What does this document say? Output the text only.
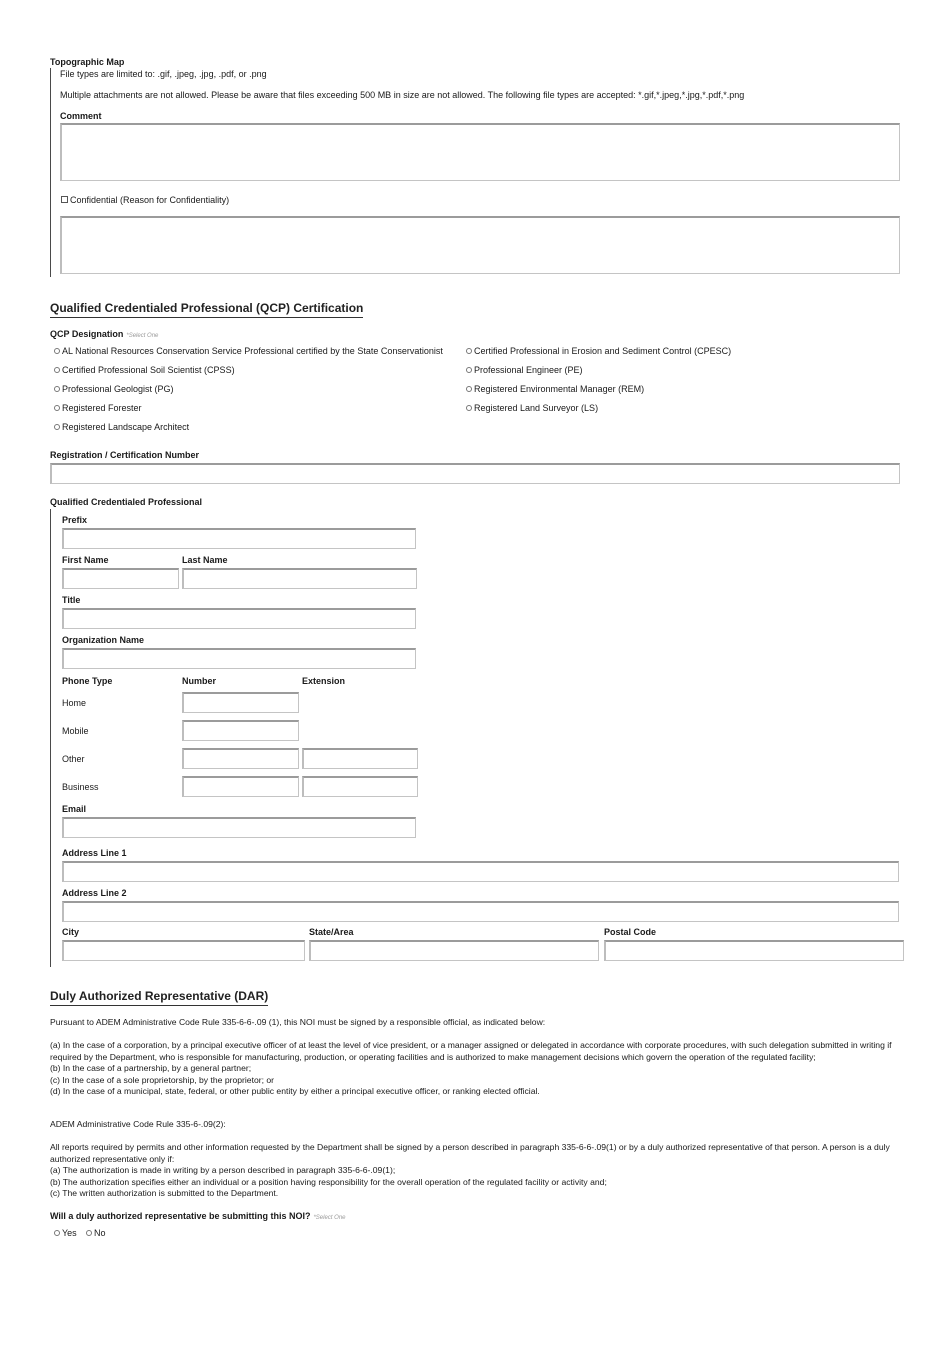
Topographic Map
File types are limited to: .gif, .jpeg, .jpg, .pdf, or .png
Multiple attachments are not allowed. Please be aware that files exceeding 500 MB in size are not allowed. The following file types are accepted: *.gif,*.jpeg,*.jpg,*.pdf,*.png
Comment
Confidential (Reason for Confidentiality)
Qualified Credentialed Professional (QCP) Certification
QCP Designation *Select One
AL National Resources Conservation Service Professional certified by the State Conservationist	Certified Professional in Erosion and Sediment Control (CPESC)
Certified Professional Soil Scientist (CPSS)	Professional Engineer (PE)
Professional Geologist (PG)	Registered Environmental Manager (REM)
Registered Forester	Registered Land Surveyor (LS)
Registered Landscape Architect
Registration / Certification Number
Qualified Credentialed Professional
Prefix
First Name	Last Name
Title
Organization Name
Phone Type	Number	Extension
Home
Mobile
Other
Business
Email
Address Line 1
Address Line 2
City	State/Area	Postal Code
Duly Authorized Representative (DAR)
Pursuant to ADEM Administrative Code Rule 335-6-6-.09 (1), this NOI must be signed by a responsible official, as indicated below:
(a) In the case of a corporation, by a principal executive officer of at least the level of vice president, or a manager assigned or delegated in accordance with corporate procedures, with such delegation submitted in writing if required by the Department, who is responsible for manufacturing, production, or operating facilities and is authorized to make management decisions which govern the operation of the regulated facility;
(b) In the case of a partnership, by a general partner;
(c) In the case of a sole proprietorship, by the proprietor; or
(d) In the case of a municipal, state, federal, or other public entity by either a principal executive officer, or ranking elected official.
ADEM Administrative Code Rule 335-6-.09(2):
All reports required by permits and other information requested by the Department shall be signed by a person described in paragraph 335-6-6-.09(1) or by a duly authorized representative of that person. A person is a duly authorized representative only if:
(a) The authorization is made in writing by a person described in paragraph 335-6-6-.09(1);
(b) The authorization specifies either an individual or a position having responsibility for the overall operation of the regulated facility or activity and;
(c) The written authorization is submitted to the Department.
Will a duly authorized representative be submitting this NOI? *Select One
Yes	No
